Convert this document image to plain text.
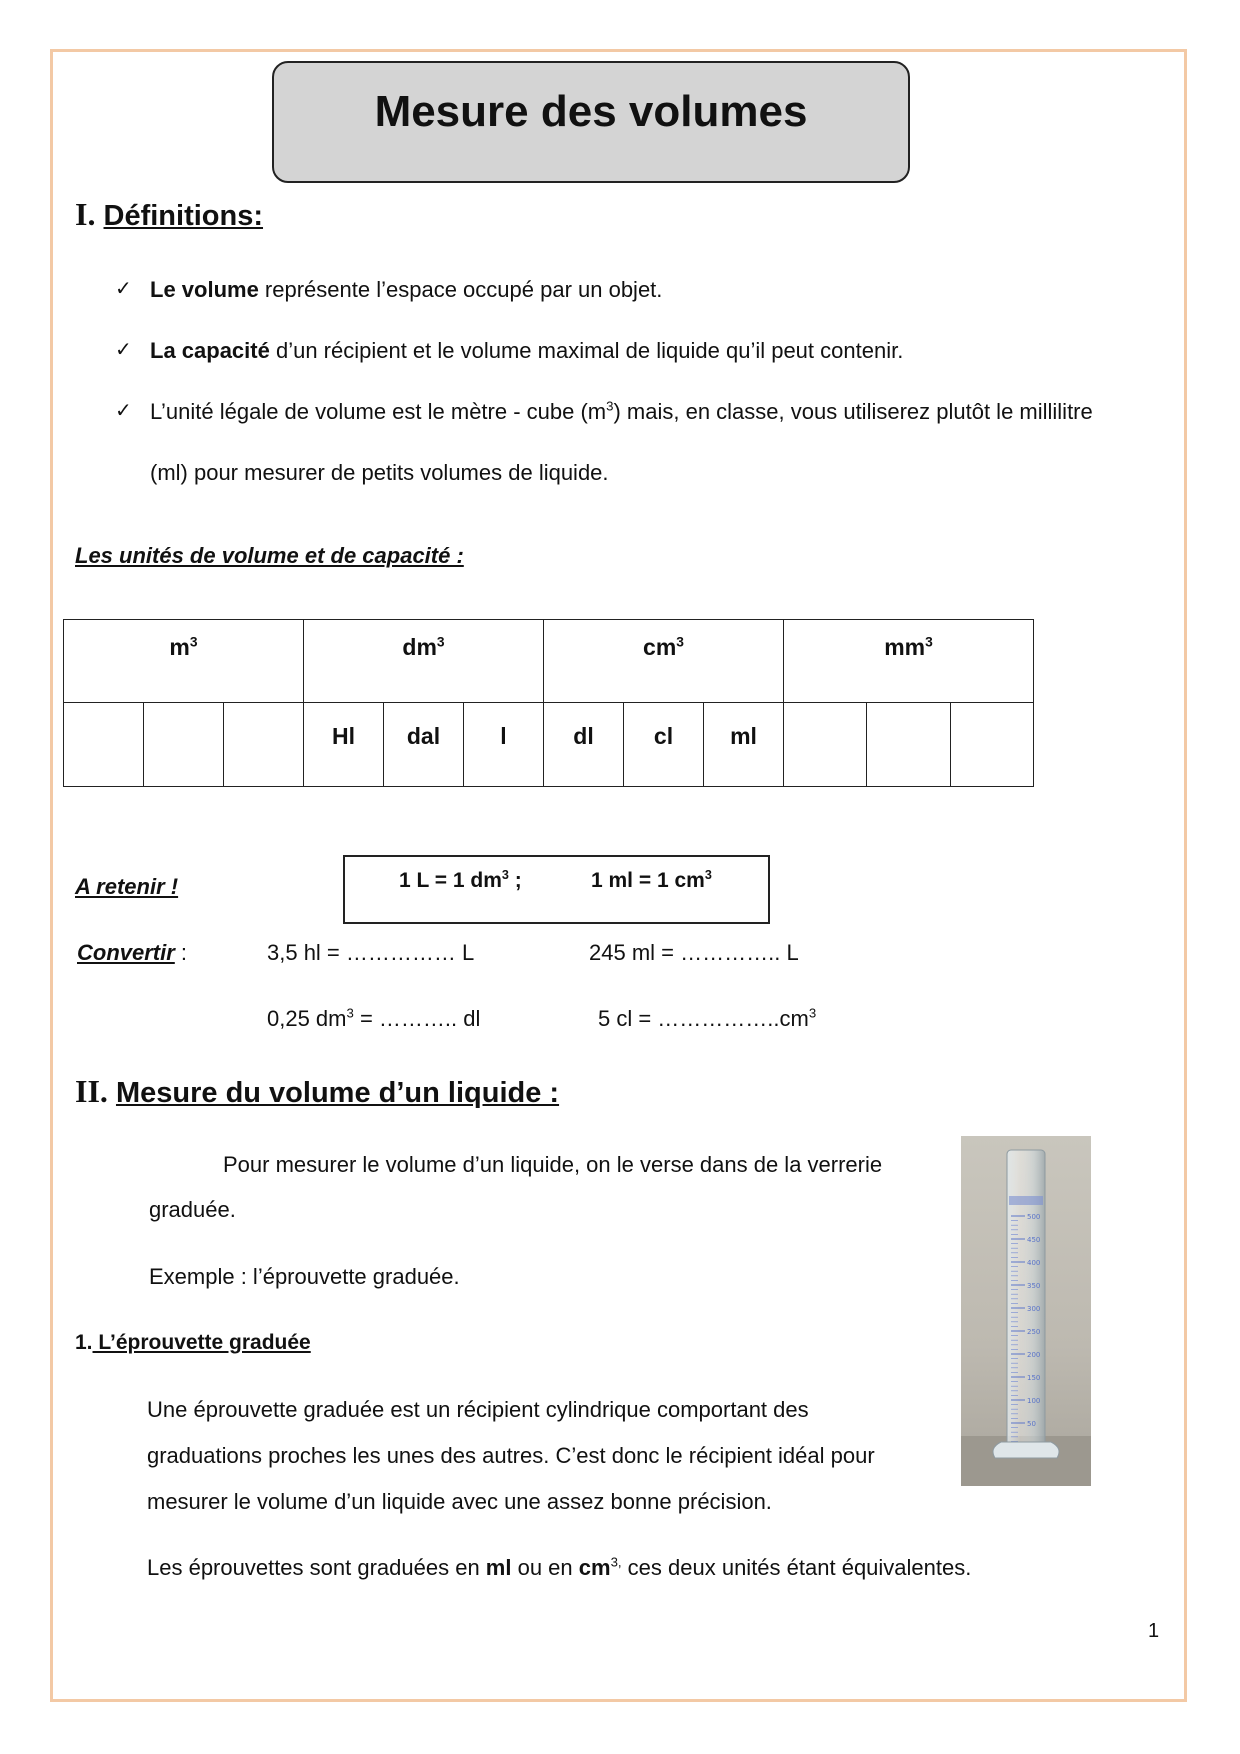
Mesure des volumes
I. Définitions:
✓ Le volume représente l’espace occupé par un objet.
✓ La capacité d’un récipient et le volume maximal de liquide qu’il peut contenir.
✓ L’unité légale de volume est le mètre - cube $(m^3)$ mais, en classe, vous utiliserez plutôt le millilitre
(ml) pour mesurer de petits volumes de liquide.
Les unités de volume et de capacité :
$m^3$			$dm^3$			$cm^3$			$mm^3$
			Hl	dal	l	dl	cl	ml			
A retenir !	1 L = 1 $dm^3$ ;	1 ml = 1 $cm^3$
Convertir :	3,5 hl = …………… L	245 ml = ………….. L
0,25 $dm^3$ = ……….. dl	5 cl = $\dots\dots\dots\dots\dots..cm^3$
II. Mesure du volume d’un liquide :
Pour mesurer le volume d’un liquide, on le verse dans de la verrerie
graduée.
Exemple : l’éprouvette graduée.
1. L’éprouvette graduée
Une éprouvette graduée est un récipient cylindrique comportant des
graduations proches les unes des autres. C’est donc le récipient idéal pour
mesurer le volume d’un liquide avec une assez bonne précision.
Les éprouvettes sont graduées en ml ou en $cm^{3,}$ ces deux unités étant équivalentes.
500
450
400
350
300
250
200
150
100
50
1
